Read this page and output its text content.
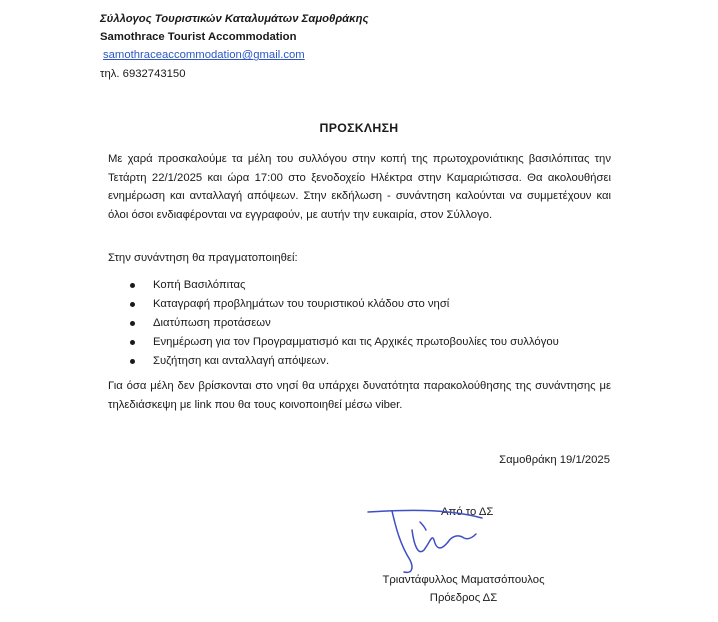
Σύλλογος Τουριστικών Καταλυμάτων Σαμοθράκης
Samothrace Tourist Accommodation
samothraceaccommodation@gmail.com
τηλ. 6932743150
ΠΡΟΣΚΛΗΣΗ

Με χαρά προσκαλούμε τα μέλη του συλλόγου στην κοπή της πρωτοχρονιάτικης βασιλόπιτας την Τετάρτη 22/1/2025 και ώρα 17:00 στο ξενοδοχείο Ηλέκτρα στην Καμαριώτισσα. Θα ακολουθήσει ενημέρωση και ανταλλαγή απόψεων. Στην εκδήλωση - συνάντηση καλούνται να συμμετέχουν και όλοι όσοι ενδιαφέρονται να εγγραφούν, με αυτήν την ευκαιρία, στον Σύλλογο.

Στην συνάντηση θα πραγματοποιηθεί:

Κοπή Βασιλόπιτας
Καταγραφή προβλημάτων του τουριστικού κλάδου στο νησί
Διατύπωση προτάσεων
Ενημέρωση για τον Προγραμματισμό και τις Αρχικές πρωτοβουλίες του συλλόγου
Συζήτηση και ανταλλαγή απόψεων.

Για όσα μέλη δεν βρίσκονται στο νησί θα υπάρχει δυνατότητα παρακολούθησης της συνάντησης με τηλεδιάσκεψη με link που θα τους κοινοποιηθεί μέσω viber.

Σαμοθράκη 19/1/2025
Από το ΔΣ
Τριαντάφυλλος Μαματσόπουλος
Πρόεδρος ΔΣ
